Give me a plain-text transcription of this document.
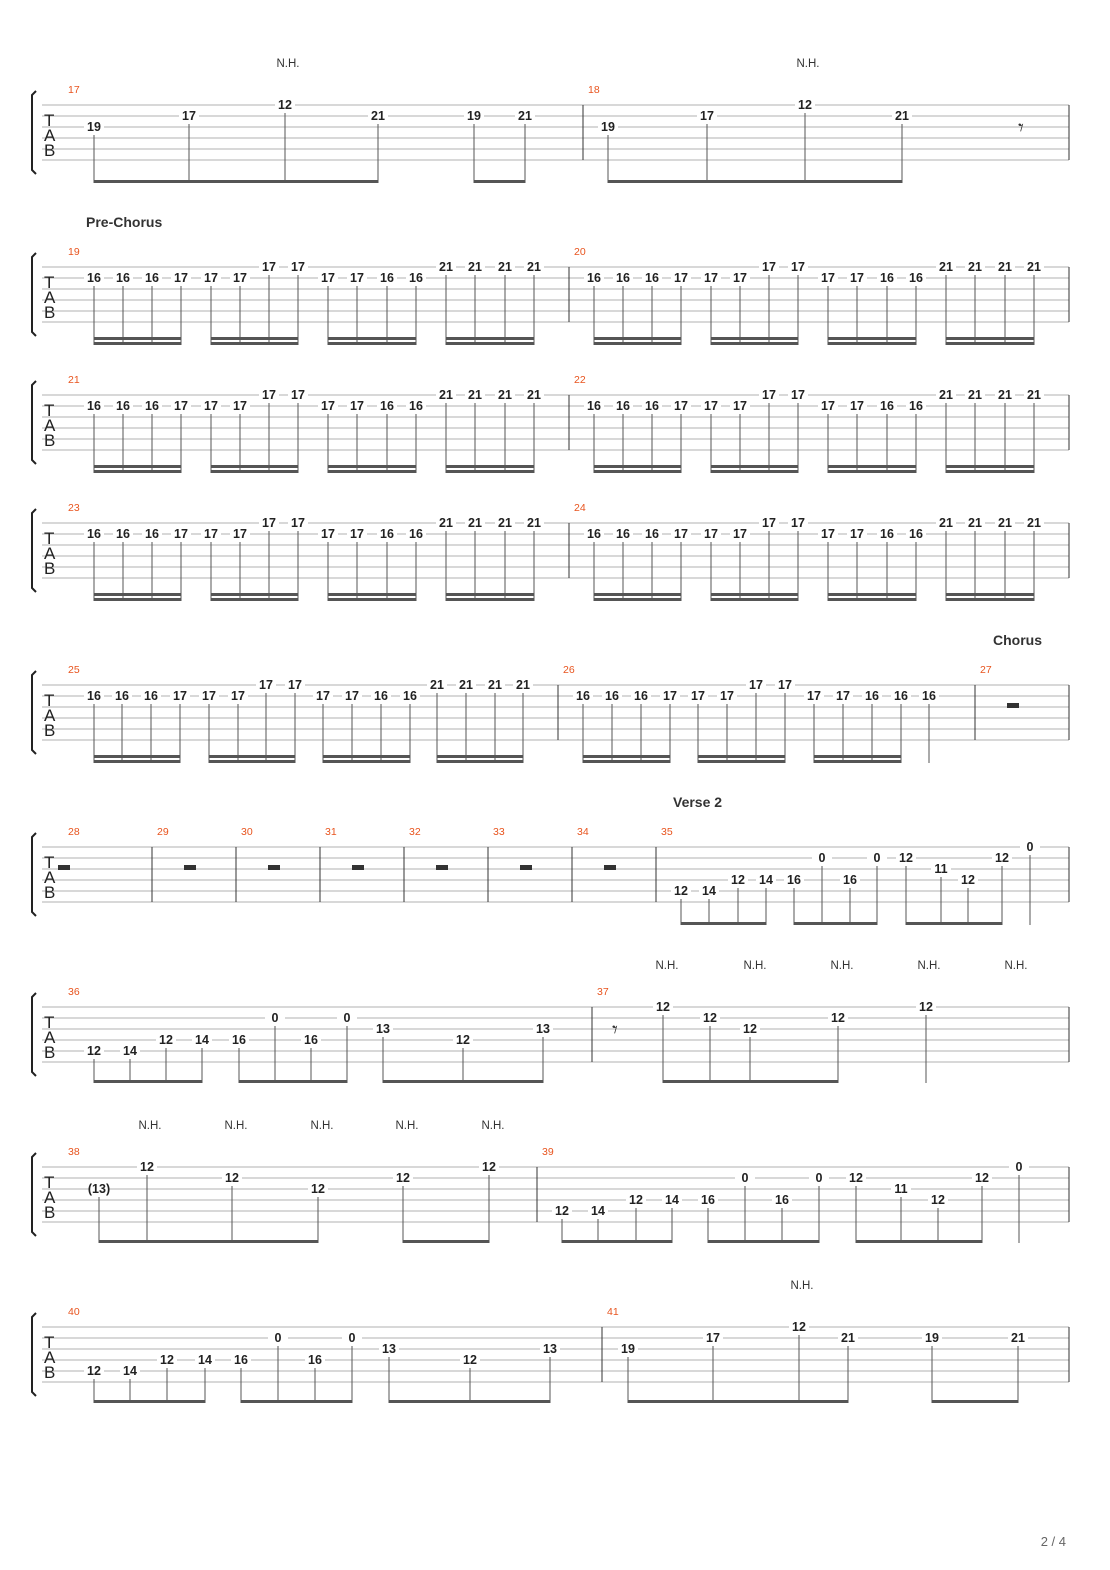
T
A
B
N.H.	N.H.
17
19
17
12
21	19	21
18
19
17
12
21	𝄾
T
A
B
Pre-Chorus
19
16 16 16 17 17 17
17 17
17 17 16 16
21 21 21 21
20
16 16 16 17 17 17
17 17
17 17 16 16
21 21 21 21
T
A
B
21
16 16 16 17 17 17
17 17
17 17 16 16
21 21 21 21
22
16 16 16 17 17 17
17 17
17 17 16 16
21 21 21 21
T
A
B
23
16 16 16 17 17 17
17 17
17 17 16 16
21 21 21 21
24
16 16 16 17 17 17
17 17
17 17 16 16
21 21 21 21
T
A
B
Chorus
25
16 16 16 17 17 17
17 17
17 17 16 16
21 21 21 21
26
16 16 16 17 17 17
17 17
17 17 16 16 16
27
T
A
B
Verse 2
28	29	30	31	32	33	34	35
12 14
12 14 16
0
16
0 12
11
12
12
0
T
A
B
N.H.	N.H.	N.H.	N.H.	N.H.
36
12 14
12 14 16
0
16
0
13
12
13
37
12
12
12
12
12
𝄾
T
A
B
N.H.	N.H.	N.H.	N.H.	N.H.
38
(13)
12
12
12
12
12
39
12 14
12 14 16
0
16
0 12
11
12
12
0
T
A
B
N.H.
40
12 14
12 14 16
0
16
0
13
12
13
41
19
17
12
21	19	21
2 / 4
